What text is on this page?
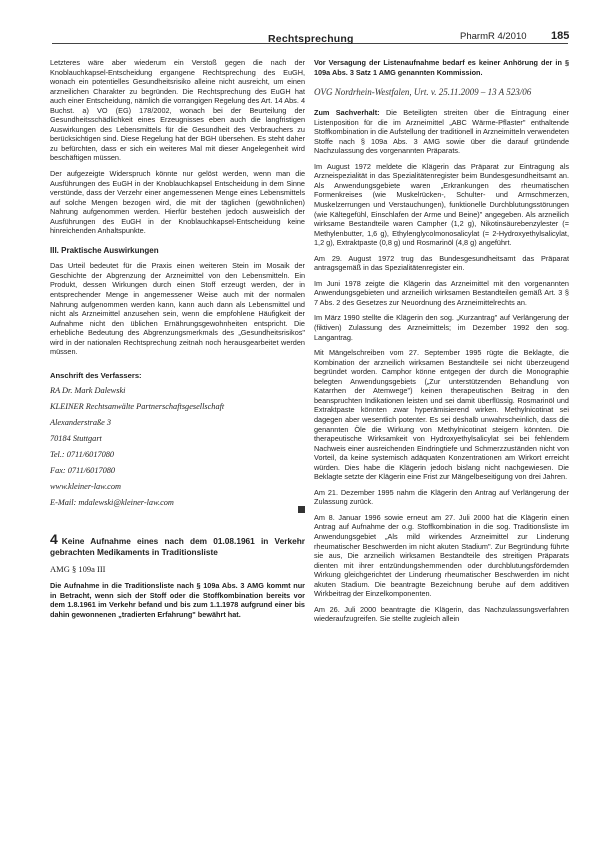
Rechtsprechung	PharmR 4/2010 185

Letzteres wäre aber wiederum ein Verstoß gegen die nach der Knoblauchkapsel-Entscheidung ergangene Rechtsprechung des EuGH, wonach ein potentielles Gesundheitsrisiko alleine nicht ausreicht, um einen arzneilichen Charakter zu begründen. Die Rechtsprechung des EuGH hat auch einer Entscheidung, nämlich die vorrangigen Regelung des Art. 14 Abs. 4 Buchst. a) VO (EG) 178/2002, wonach bei der Beurteilung der Gesundheitsschädlichkeit eines Erzeugnisses eben auch die langfristigen Auswirkungen des Lebensmittels für die Gesundheit des Verbrauchers zu berücksichtigen sind. Diese Regelung hat der BGH übersehen. Es steht daher zu befürchten, dass er sich ein weiteres Mal mit dieser Angelegenheit wird beschäftigen müssen.

Der aufgezeigte Widerspruch könnte nur gelöst werden, wenn man die Ausführungen des EuGH in der Knoblauchkapsel Entscheidung in dem Sinne verstünde, dass der Verzehr einer angemessenen Menge eines Lebensmittels auf solche Mengen bezogen wird, die mit der täglichen (gewöhnlichen) Nahrung aufgenommen werden. Hierfür bestehen jedoch ausweislich der Ausführungen des EuGH in der Knoblauchkapsel-Entscheidung keine hinreichenden Anhaltspunkte.

III. Praktische Auswirkungen

Das Urteil bedeutet für die Praxis einen weiteren Stein im Mosaik der Geschichte der Abgrenzung der Arzneimittel von den Lebensmitteln. Ein Produkt, dessen Wirkungen durch einen Stoff erzeugt werden, der in entsprechender Menge in angemessener Weise auch mit der normalen Nahrung aufgenommen werden kann, kann auch dann als Lebensmittel und nicht als Arzneimittel anzusehen sein, wenn die empfohlene Häufigkeit der Aufnahme nicht den üblichen Ernährungsgewohnheiten entspricht. Die erhebliche Bedeutung des Abgrenzungsmerkmals des „Gesundheitsrisikos" wird in der nationalen Rechtsprechung zeitnah noch herausgearbeitet werden müssen.

Anschrift des Verfassers:

RA Dr. Mark Dalewski

KLEINER Rechtsanwälte Partnerschaftsgesellschaft

Alexanderstraße 3

70184 Stuttgart

Tel.: 0711/6017080

Fax: 0711/6017080

www.kleiner-law.com

E-Mail: mdalewski@kleiner-law.com

4 Keine Aufnahme eines nach dem 01.08.1961 in Verkehr gebrachten Medikaments in Traditionsliste
AMG § 109a III

Die Aufnahme in die Traditionsliste nach § 109a Abs. 3 AMG kommt nur in Betracht, wenn sich der Stoff oder die Stoffkombination bereits vor dem 1.8.1961 im Verkehr befand und bis zum 1.1.1978 aufgrund einer bis dahin gewonnenen „tradierten Erfahrung" bewährt hat.

Vor Versagung der Listenaufnahme bedarf es keiner Anhörung der in § 109a Abs. 3 Satz 1 AMG genannten Kommission.

OVG Nordrhein-Westfalen, Urt. v. 25.11.2009 – 13 A 523/06

Zum Sachverhalt: Die Beteiligten streiten über die Eintragung einer Listenposition für die im Arzneimittel „ABC Wärme-Pflaster" enthaltende Stoffkombination in die Aufstellung der traditionell in Arzneimitteln verwendeten Stoffe nach § 109a Abs. 3 AMG sowie über die darauf gründende Nachzulassung des vorgenannten Präparats.

Im August 1972 meldete die Klägerin das Präparat zur Eintragung als Arzneispezialität in das Spezialitätenregister beim Bundesgesundheitsamt an. Als Anwendungsgebiete waren „Erkrankungen des rheumatischen Formenkreises (wie Muskelrücken-, Schulter- und Armschmerzen, Muskelzerrungen und Verstauchungen), funktionelle Durchblutungsstörungen (wie Kältegefühl, Einschlafen der Arme und Beine)" angegeben. Als arzneilich wirksame Bestandteile waren Campher (1,2 g), Nikotinsäurebenzylester (= Methylenbutter, 1,6 g), Ethylenglycolmonosalicylat (= 2-Hydroxyethylsalicylat, 1,2 g), Extraktpaste (0,8 g) und Rosmarinöl (4,8 g) angeführt.

Am 29. August 1972 trug das Bundesgesundheitsamt das Präparat antragsgemäß in das Spezialitätenregister ein.

Im Juni 1978 zeigte die Klägerin das Arzneimittel mit den vorgenannten Anwendungsgebieten und arzneilich wirksamen Bestandteilen gemäß Art. 3 § 7 Abs. 2 des Gesetzes zur Neuordnung des Arzneimittelrechts an.

Im März 1990 stellte die Klägerin den sog. „Kurzantrag" auf Verlängerung der (fiktiven) Zulassung des Arzneimittels; im Dezember 1992 den sog. Langantrag.

Mit Mängelschreiben vom 27. September 1995 rügte die Beklagte, die Kombination der arzneilich wirksamen Bestandteile sei nicht überzeugend begründet worden. Camphor könne entgegen der durch die Monographie belegten Anwendungsgebiets („Zur unterstützenden Behandlung von Katarrhen der Atemwege") keinen therapeutischen Beitrag in den beanspruchten Indikationen leisten und sei damit überflüssig. Rosmarinöl und Extraktpaste könnten zwar hyperämisierend wirken. Methylnicotinat sei dagegen aber wesentlich potenter. Es sei deshalb unwahrscheinlich, dass die genannten Öle die Wirkung von Methylnicotinat steigern könnten. Die therapeutische Wirksamkeit von Hydroxyethylsalicylat sei bei fehlendem Nachweis einer ausreichenden Eindringtiefe und Schmerzzuständen nicht von Vorteil, da keine systemisch adäquaten Konzentrationen am Wirkort erreicht würden. Dies habe die Klägerin jedoch bislang nicht nachgewiesen. Die Beklagte setzte der Klägerin eine Frist zur Mängelbeseitigung von drei Jahren.

Am 21. Dezember 1995 nahm die Klägerin den Antrag auf Verlängerung der Zulassung zurück.

Am 8. Januar 1996 sowie erneut am 27. Juli 2000 hat die Klägerin einen Antrag auf Aufnahme der o.g. Stoffkombination in die sog. Traditionsliste im Anwendungsgebiet „Als mild wirkendes Arzneimittel zur Linderung rheumatischer Beschwerden im nicht akuten Stadium". Zur Begründung führte sie aus, Die arzneilich wirksamen Bestandteile des streitigen Präparats dienten mit ihrer entzündungshemmenden oder durchblutungsfördernden Wirkung gleichgerichtet der Linderung rheumatischer Beschwerden im nicht akuten Stadium. Die beantragte Bezeichnung beruhe auf dem additiven Wirkbeitrag der Einzelkomponenten.

Am 26. Juli 2000 beantragte die Klägerin, das Nachzulassungsverfahren wiederaufzugreifen. Sie stellte zugleich allein
